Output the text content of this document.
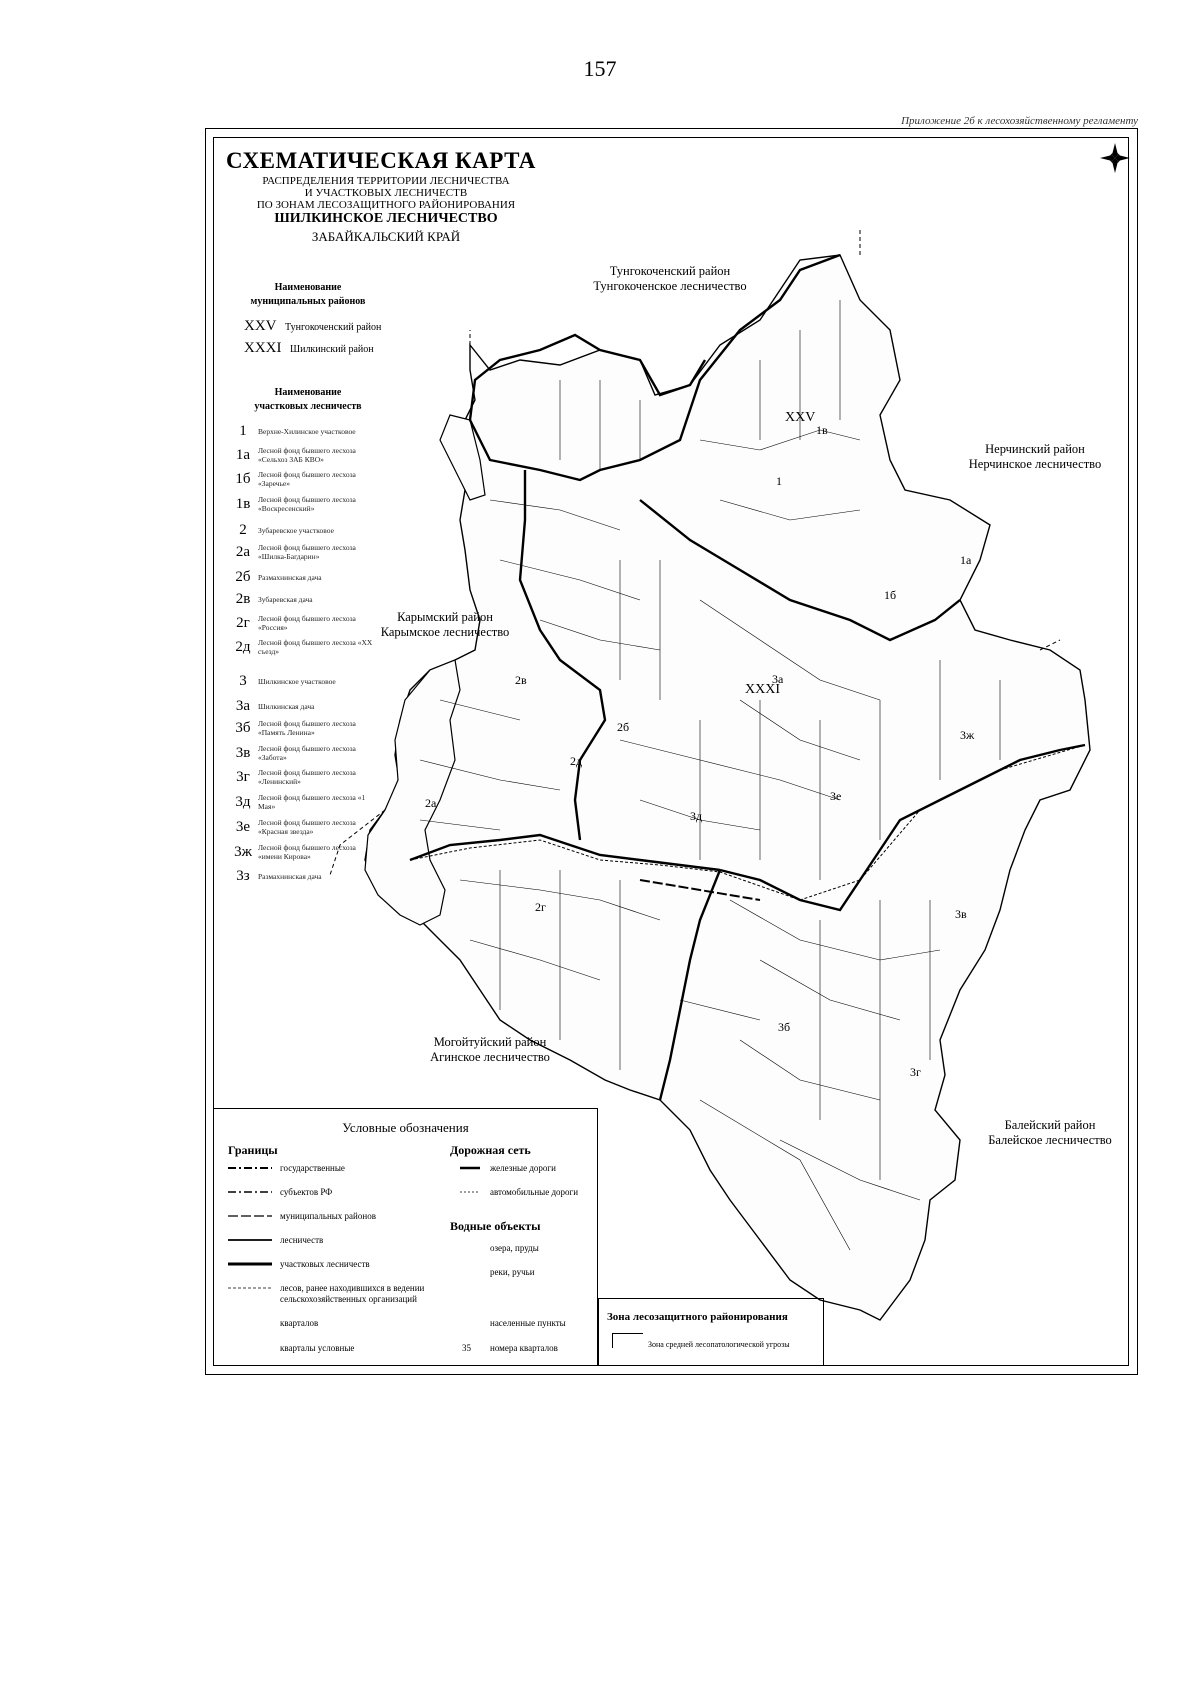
157
Приложение 2б к лесохозяйственному регламенту
СХЕМАТИЧЕСКАЯ КАРТА
РАСПРЕДЕЛЕНИЯ ТЕРРИТОРИИ ЛЕСНИЧЕСТВА
И УЧАСТКОВЫХ ЛЕСНИЧЕСТВ
ПО ЗОНАМ ЛЕСОЗАЩИТНОГО РАЙОНИРОВАНИЯ
ШИЛКИНСКОЕ ЛЕСНИЧЕСТВО
ЗАБАЙКАЛЬСКИЙ КРАЙ
Наименование
муниципальных районов
XXV Тунгокоченский район
XXXI Шилкинский район
Наименование
участковых лесничеств
1 Верхне-Хилинское участковое
1а Лесной фонд бывшего лесхоза «Сельхоз ЗАБ КВО»
1б Лесной фонд бывшего лесхоза «Заречье»
1в Лесной фонд бывшего лесхоза «Воскресенский»
2 Зубаревское участковое
2а Лесной фонд бывшего лесхоза «Шилка-Багдарин»
2б Размахнинская дача
2в Зубаревская дача
2г Лесной фонд бывшего лесхоза «Россия»
2д Лесной фонд бывшего лесхоза «ХХ съезд»
3 Шилкинское участковое
3а Шилкинская дача
3б Лесной фонд бывшего лесхоза «Память Ленина»
3в Лесной фонд бывшего лесхоза «Забота»
3г Лесной фонд бывшего лесхоза «Ленинский»
3д Лесной фонд бывшего лесхоза «1 Мая»
3е Лесной фонд бывшего лесхоза «Красная звезда»
3ж Лесной фонд бывшего лесхоза «имени Кирова»
3з Размахнинская дача
Тунгокоченский район
Тунгокоченское лесничество
Нерчинский район
Нерчинское лесничество
Карымский район
Карымское лесничество
Могойтуйский район
Агинское лесничество
Балейский район
Балейское лесничество
XXV
XXXI
1в
1а
1б
1
2в
2б
2д
2а
2г
3а
3ж
3е
3в
3д
3б
3г
Условные обозначения
Границы	Дорожная сеть
Водные объекты
государственные
субъектов РФ
муниципальных районов
лесничеств
участковых лесничеств
лесов, ранее находившихся в ведении сельскохозяйственных организаций
кварталов
кварталы условные
железные дороги
автомобильные дороги
озера, пруды
реки, ручьи
населенные пункты
35	номера кварталов
Зона лесозащитного районирования
Зона средней лесопатологической угрозы
